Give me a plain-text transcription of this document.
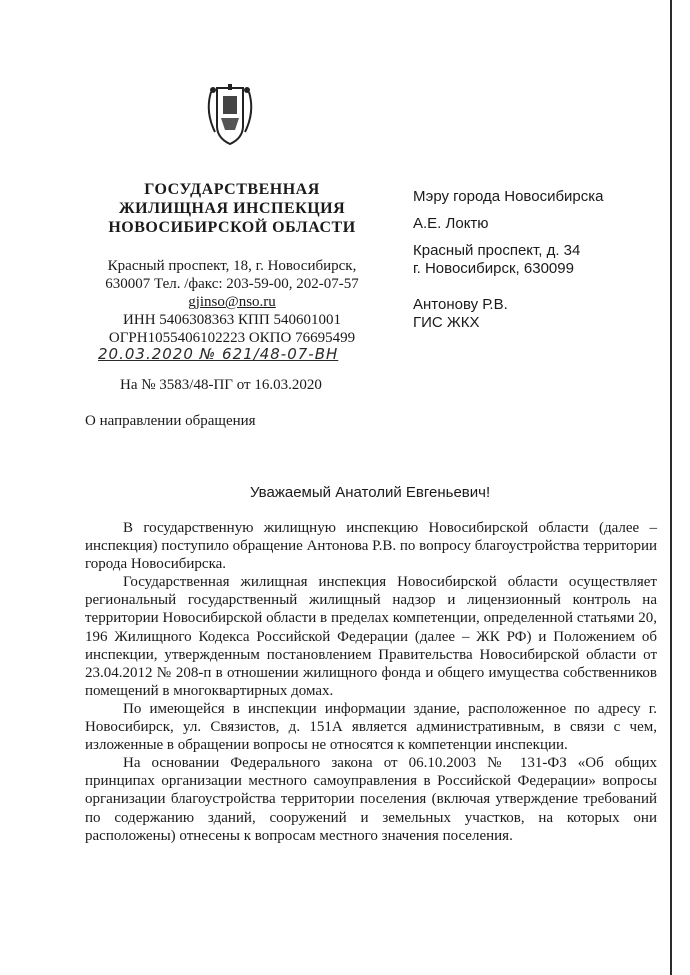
ГОСУДАРСТВЕННАЯ
ЖИЛИЩНАЯ ИНСПЕКЦИЯ
НОВОСИБИРСКОЙ ОБЛАСТИ
Красный проспект, 18, г. Новосибирск,
630007 Тел. /факс: 203-59-00, 202-07-57
gjinso@nso.ru
ИНН 5406308363 КПП 540601001
ОГРН1055406102223 ОКПО 76695499
20.03.2020 № 621/48-07-ВН
На № 3583/48-ПГ от 16.03.2020
О направлении обращения
Мэру города Новосибирска
А.Е. Локтю
Красный проспект, д. 34
г. Новосибирск, 630099
Антонову Р.В.
ГИС ЖКХ
Уважаемый Анатолий Евгеньевич!

В государственную жилищную инспекцию Новосибирской области (далее – инспекция) поступило обращение Антонова Р.В. по вопросу благоустройства территории города Новосибирска.

Государственная жилищная инспекция Новосибирской области осуществляет региональный государственный жилищный надзор и лицензионный контроль на территории Новосибирской области в пределах компетенции, определенной статьями 20, 196 Жилищного Кодекса Российской Федерации (далее – ЖК РФ) и Положением об инспекции, утвержденным постановлением Правительства Новосибирской области от 23.04.2012 № 208-п в отношении жилищного фонда и общего имущества собственников помещений в многоквартирных домах.

По имеющейся в инспекции информации здание, расположенное по адресу г. Новосибирск, ул. Связистов, д. 151А является административным, в связи с чем, изложенные в обращении вопросы не относятся к компетенции инспекции.

На основании Федерального закона от 06.10.2003 № 131-ФЗ «Об общих принципах организации местного самоуправления в Российской Федерации» вопросы организации благоустройства территории поселения (включая утверждение требований по содержанию зданий, сооружений и земельных участков, на которых они расположены) отнесены к вопросам местного значения поселения.
